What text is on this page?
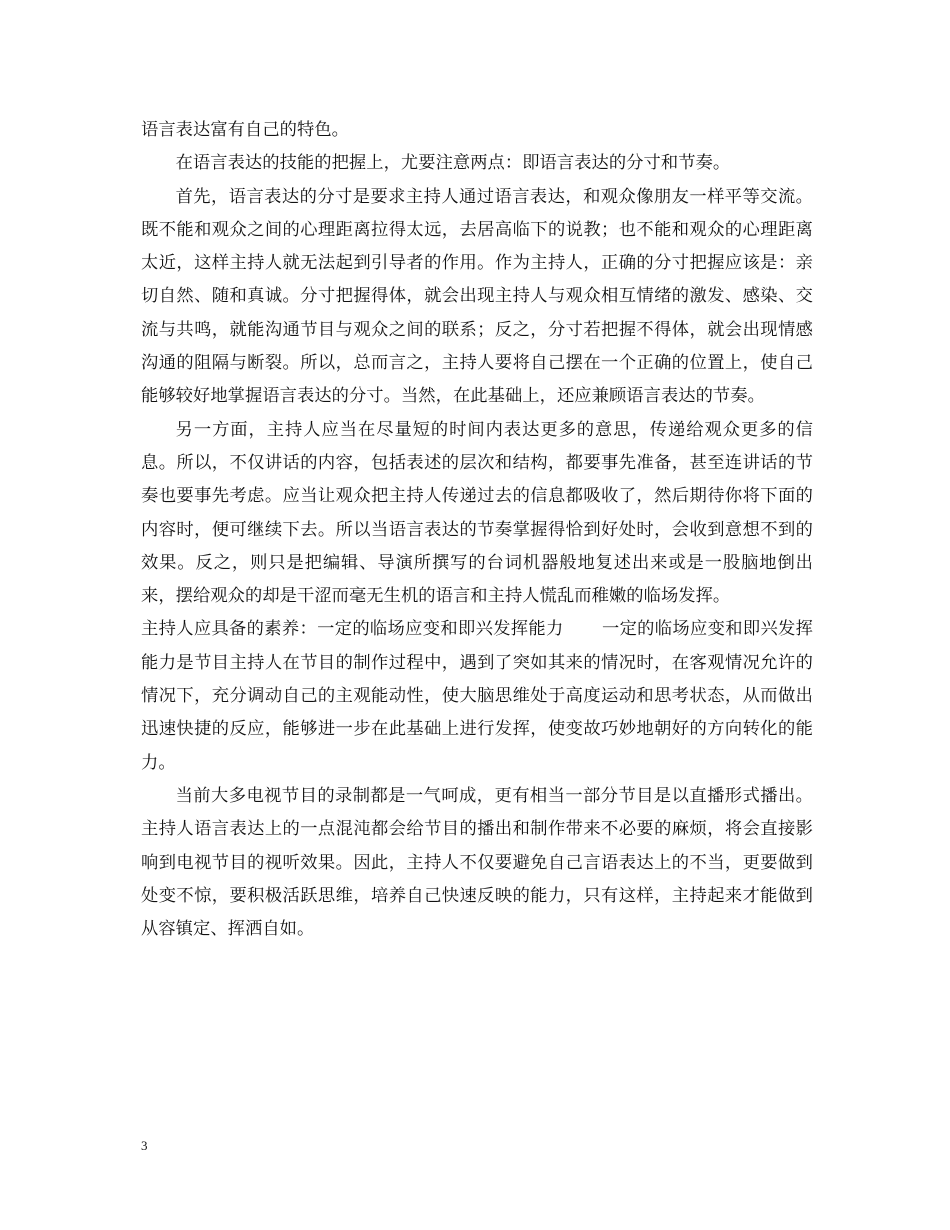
语言表达富有自己的特色。

在语言表达的技能的把握上，尤要注意两点：即语言表达的分寸和节奏。

首先，语言表达的分寸是要求主持人通过语言表达，和观众像朋友一样平等交流。既不能和观众之间的心理距离拉得太远，去居高临下的说教；也不能和观众的心理距离太近，这样主持人就无法起到引导者的作用。作为主持人，正确的分寸把握应该是：亲切自然、随和真诚。分寸把握得体，就会出现主持人与观众相互情绪的激发、感染、交流与共鸣，就能沟通节目与观众之间的联系；反之，分寸若把握不得体，就会出现情感沟通的阻隔与断裂。所以，总而言之，主持人要将自己摆在一个正确的位置上，使自己能够较好地掌握语言表达的分寸。当然，在此基础上，还应兼顾语言表达的节奏。

另一方面，主持人应当在尽量短的时间内表达更多的意思，传递给观众更多的信息。所以，不仅讲话的内容，包括表述的层次和结构，都要事先准备，甚至连讲话的节奏也要事先考虑。应当让观众把主持人传递过去的信息都吸收了，然后期待你将下面的内容时，便可继续下去。所以当语言表达的节奏掌握得恰到好处时，会收到意想不到的效果。反之，则只是把编辑、导演所撰写的台词机器般地复述出来或是一股脑地倒出来，摆给观众的却是干涩而毫无生机的语言和主持人慌乱而稚嫩的临场发挥。

主持人应具备的素养：一定的临场应变和即兴发挥能力 一定的临场应变和即兴发挥能力是节目主持人在节目的制作过程中，遇到了突如其来的情况时，在客观情况允许的情况下，充分调动自己的主观能动性，使大脑思维处于高度运动和思考状态，从而做出迅速快捷的反应，能够进一步在此基础上进行发挥，使变故巧妙地朝好的方向转化的能力。

当前大多电视节目的录制都是一气呵成，更有相当一部分节目是以直播形式播出。主持人语言表达上的一点混沌都会给节目的播出和制作带来不必要的麻烦，将会直接影响到电视节目的视听效果。因此，主持人不仅要避免自己言语表达上的不当，更要做到处变不惊，要积极活跃思维，培养自己快速反映的能力，只有这样，主持起来才能做到从容镇定、挥洒自如。

3
